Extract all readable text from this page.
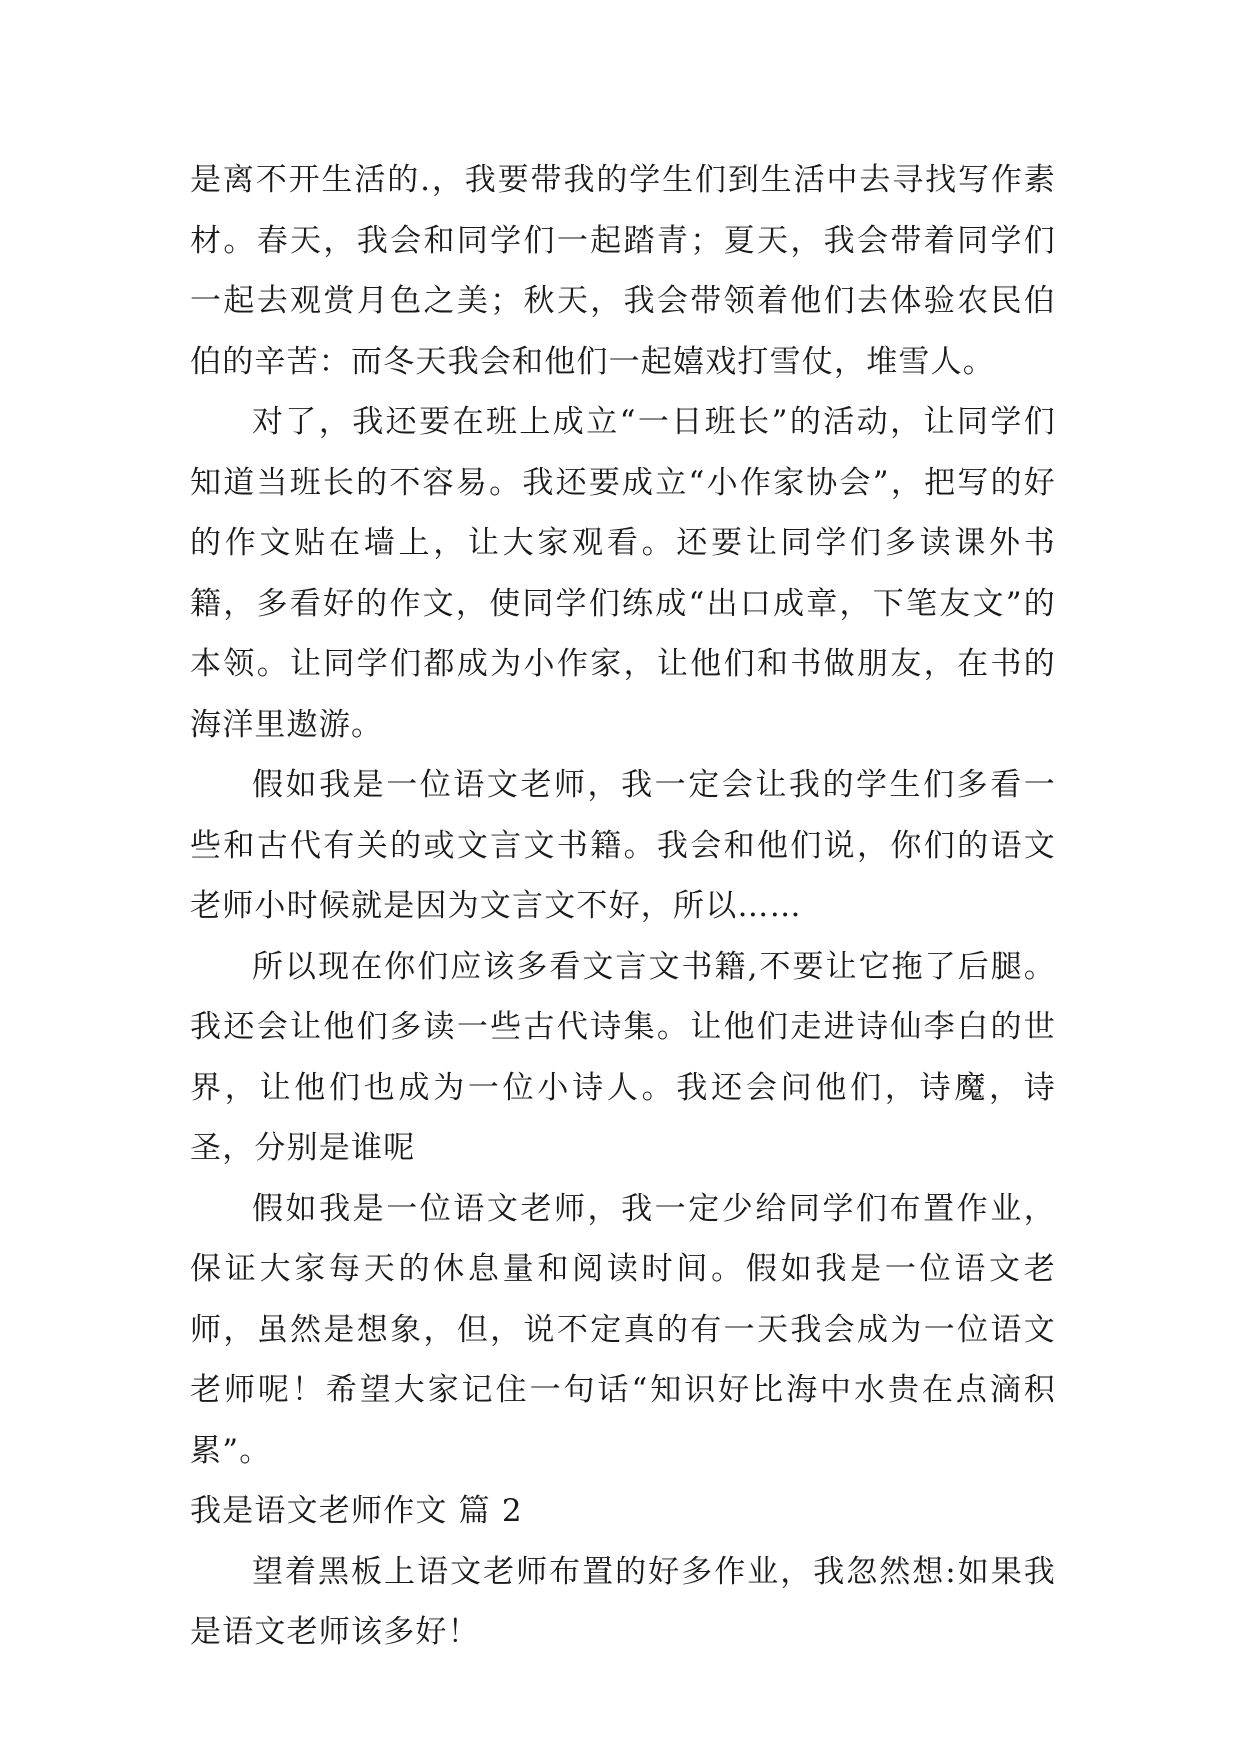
是离不开生活的.，我要带我的学生们到生活中去寻找写作素材。春天，我会和同学们一起踏青；夏天，我会带着同学们一起去观赏月色之美；秋天，我会带领着他们去体验农民伯伯的辛苦：而冬天我会和他们一起嬉戏打雪仗，堆雪人。

对了，我还要在班上成立“一日班长”的活动，让同学们知道当班长的不容易。我还要成立“小作家协会”，把写的好的作文贴在墙上，让大家观看。还要让同学们多读课外书籍，多看好的作文，使同学们练成“出口成章，下笔友文”的本领。让同学们都成为小作家，让他们和书做朋友，在书的海洋里遨游。

假如我是一位语文老师，我一定会让我的学生们多看一些和古代有关的或文言文书籍。我会和他们说，你们的语文老师小时候就是因为文言文不好，所以……

所以现在你们应该多看文言文书籍,不要让它拖了后腿。我还会让他们多读一些古代诗集。让他们走进诗仙李白的世界，让他们也成为一位小诗人。我还会问他们，诗魔，诗圣，分别是谁呢

假如我是一位语文老师，我一定少给同学们布置作业，保证大家每天的休息量和阅读时间。假如我是一位语文老师，虽然是想象，但，说不定真的有一天我会成为一位语文老师呢！希望大家记住一句话“知识好比海中水贵在点滴积累”。

我是语文老师作文 篇 2

望着黑板上语文老师布置的好多作业，我忽然想:如果我是语文老师该多好！
